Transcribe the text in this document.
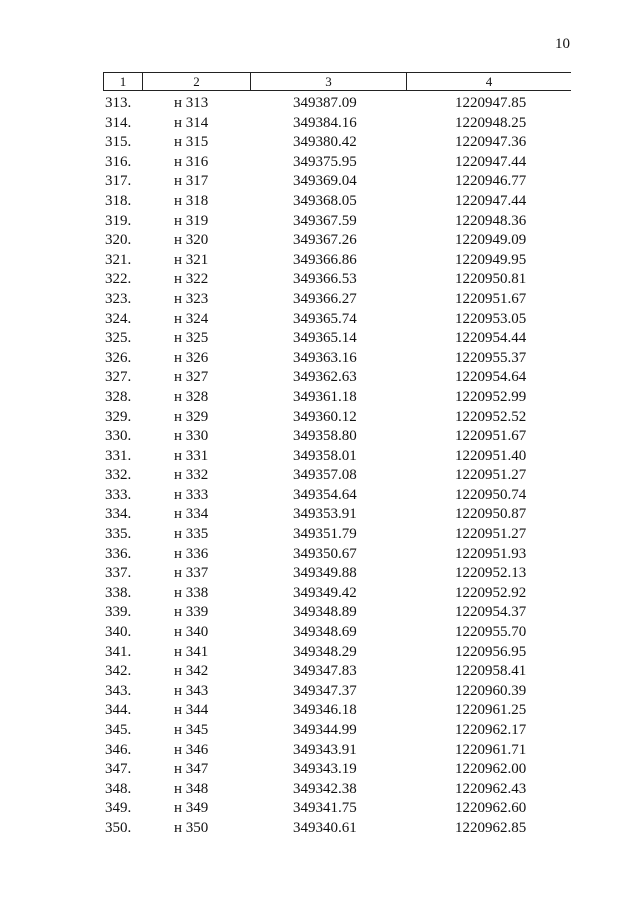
10
1	2	3	4
313.	н 313	349387.09	1220947.85
314.	н 314	349384.16	1220948.25
315.	н 315	349380.42	1220947.36
316.	н 316	349375.95	1220947.44
317.	н 317	349369.04	1220946.77
318.	н 318	349368.05	1220947.44
319.	н 319	349367.59	1220948.36
320.	н 320	349367.26	1220949.09
321.	н 321	349366.86	1220949.95
322.	н 322	349366.53	1220950.81
323.	н 323	349366.27	1220951.67
324.	н 324	349365.74	1220953.05
325.	н 325	349365.14	1220954.44
326.	н 326	349363.16	1220955.37
327.	н 327	349362.63	1220954.64
328.	н 328	349361.18	1220952.99
329.	н 329	349360.12	1220952.52
330.	н 330	349358.80	1220951.67
331.	н 331	349358.01	1220951.40
332.	н 332	349357.08	1220951.27
333.	н 333	349354.64	1220950.74
334.	н 334	349353.91	1220950.87
335.	н 335	349351.79	1220951.27
336.	н 336	349350.67	1220951.93
337.	н 337	349349.88	1220952.13
338.	н 338	349349.42	1220952.92
339.	н 339	349348.89	1220954.37
340.	н 340	349348.69	1220955.70
341.	н 341	349348.29	1220956.95
342.	н 342	349347.83	1220958.41
343.	н 343	349347.37	1220960.39
344.	н 344	349346.18	1220961.25
345.	н 345	349344.99	1220962.17
346.	н 346	349343.91	1220961.71
347.	н 347	349343.19	1220962.00
348.	н 348	349342.38	1220962.43
349.	н 349	349341.75	1220962.60
350.	н 350	349340.61	1220962.85
